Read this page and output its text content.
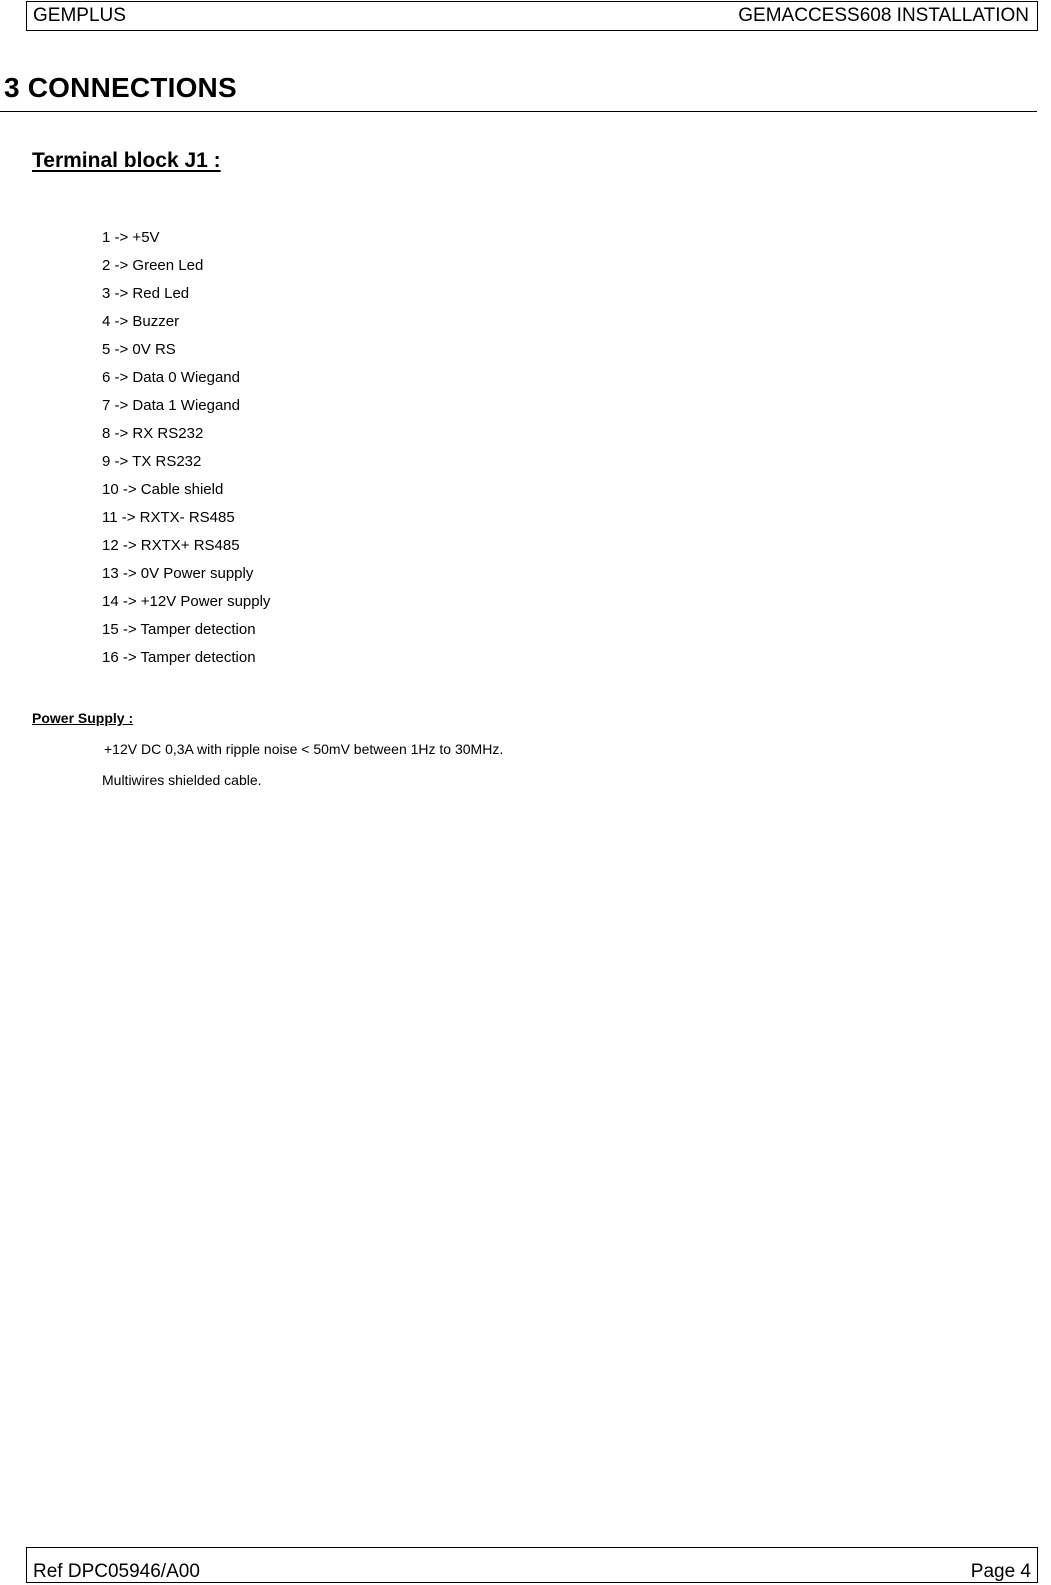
GEMPLUS	GEMACCESS608 INSTALLATION
3 CONNECTIONS
Terminal block J1 :
1 -> +5V
2 -> Green Led
3 -> Red Led
4 -> Buzzer
5 -> 0V RS
6 -> Data 0 Wiegand
7 -> Data 1 Wiegand
8 -> RX RS232
9 -> TX RS232
10 -> Cable shield
11 -> RXTX- RS485
12 -> RXTX+ RS485
13 -> 0V Power supply
14 -> +12V Power supply
15 -> Tamper detection
16 -> Tamper detection
Power Supply :
+12V DC 0,3A with ripple noise < 50mV between 1Hz to 30MHz.
Multiwires shielded cable.
Ref DPC05946/A00	Page 4
